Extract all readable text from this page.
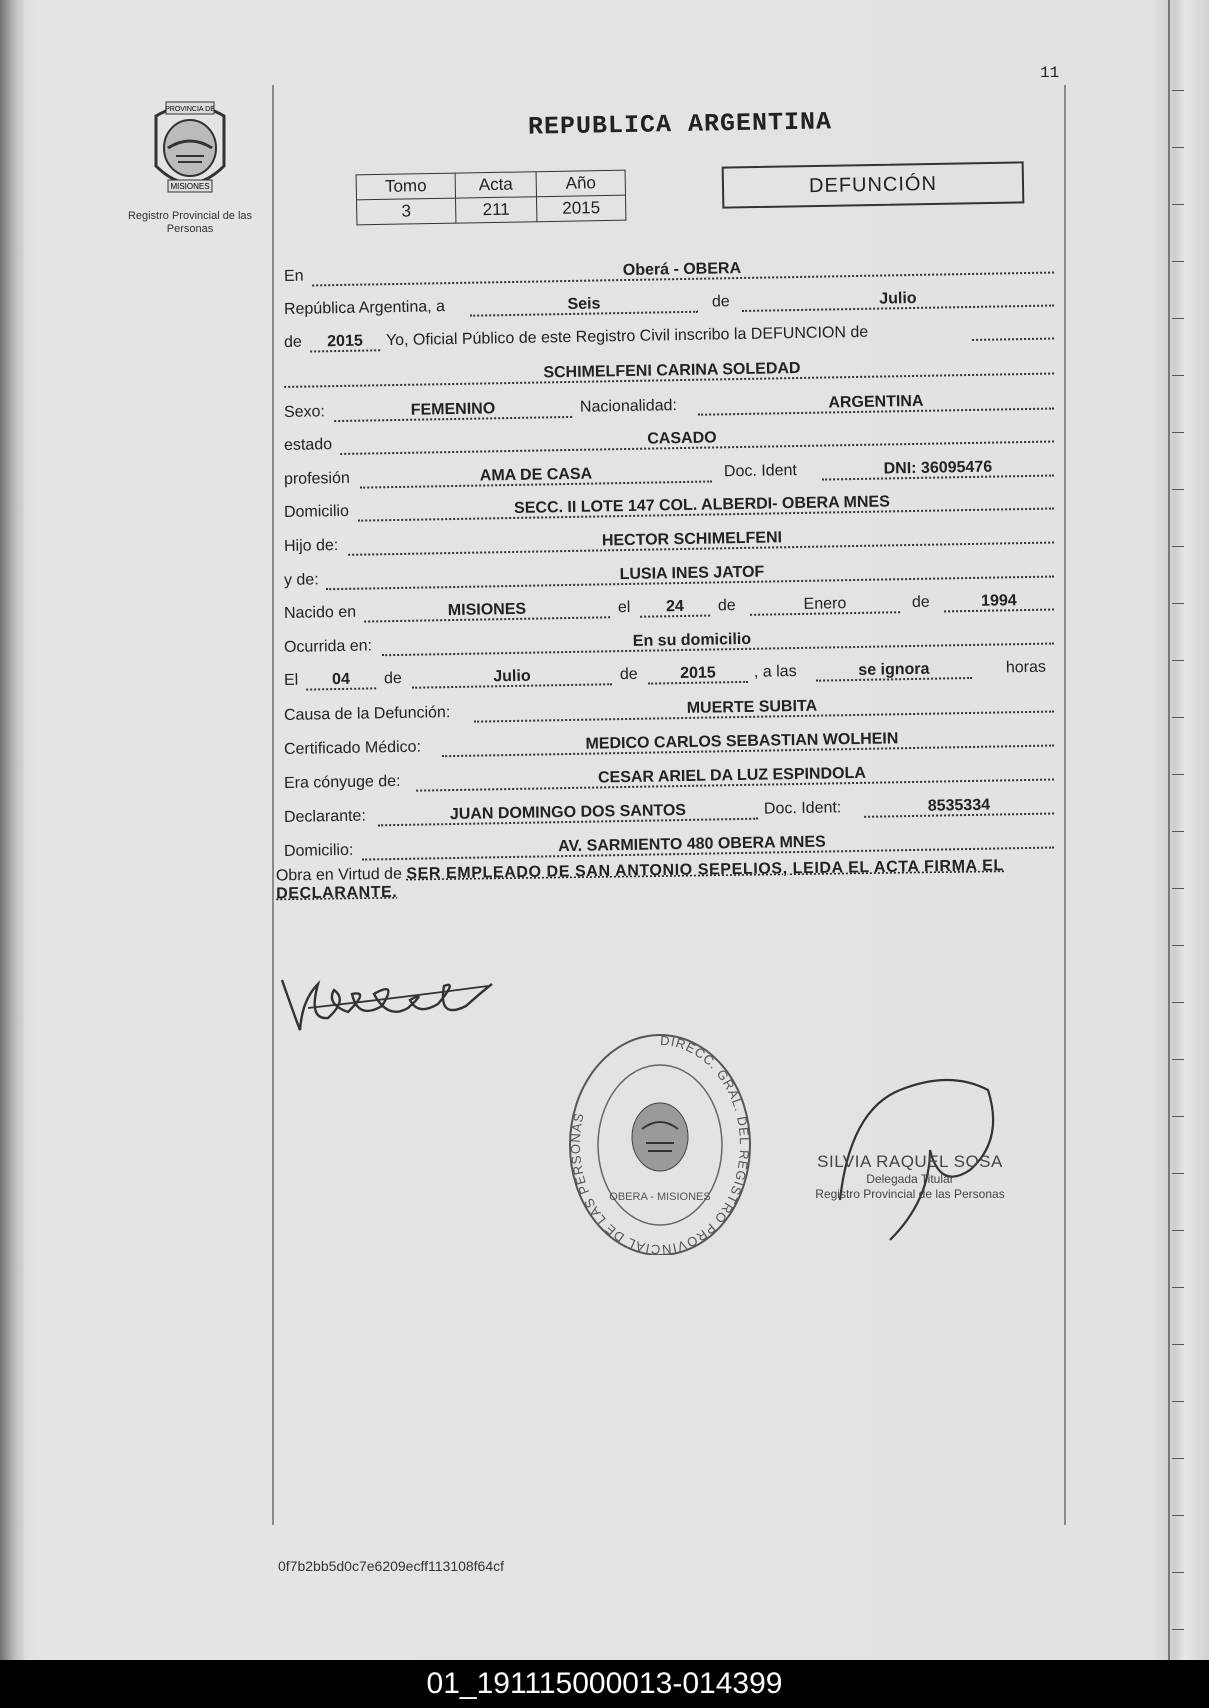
11
PROVINCIA DE
MISIONES
Registro Provincial de las Personas
REPUBLICA ARGENTINA
Tomo	Acta	Año
3	211	2015
DEFUNCIÓN
En	Oberá - OBERA
República Argentina, a	Seis	de	Julio
de	2015	Yo, Oficial Público de este Registro Civil inscribo la DEFUNCION de
SCHIMELFENI CARINA SOLEDAD
Sexo:	FEMENINO	Nacionalidad:	ARGENTINA
estado	CASADO
profesión	AMA DE CASA	Doc. Ident	DNI: 36095476
Domicilio	SECC. II LOTE 147 COL. ALBERDI- OBERA MNES
Hijo de:	HECTOR SCHIMELFENI
y de:	LUSIA INES JATOF
Nacido en	MISIONES	el	24	de	Enero	de	1994
Ocurrida en:	En su domicilio
El	04	de	Julio	de	2015	, a las	se ignora	horas
Causa de la Defunción:	MUERTE SUBITA
Certificado Médico:	MEDICO CARLOS SEBASTIAN WOLHEIN
Era cónyuge de:	CESAR ARIEL DA LUZ ESPINDOLA
Declarante:	JUAN DOMINGO DOS SANTOS	Doc. Ident:	8535334
Domicilio:	AV. SARMIENTO 480 OBERA MNES
Obra en Virtud de SER EMPLEADO DE SAN ANTONIO SEPELIOS, LEIDA EL ACTA FIRMA EL DECLARANTE.
DIRECC. GRAL. DEL REGISTRO PROVINCIAL DE LAS PERSONAS
OBERA - MISIONES
SILVIA RAQUEL SOSA
Delegada Titular
Registro Provincial de las Personas
0f7b2bb5d0c7e6209ecff113108f64cf
01_191115000013-014399
